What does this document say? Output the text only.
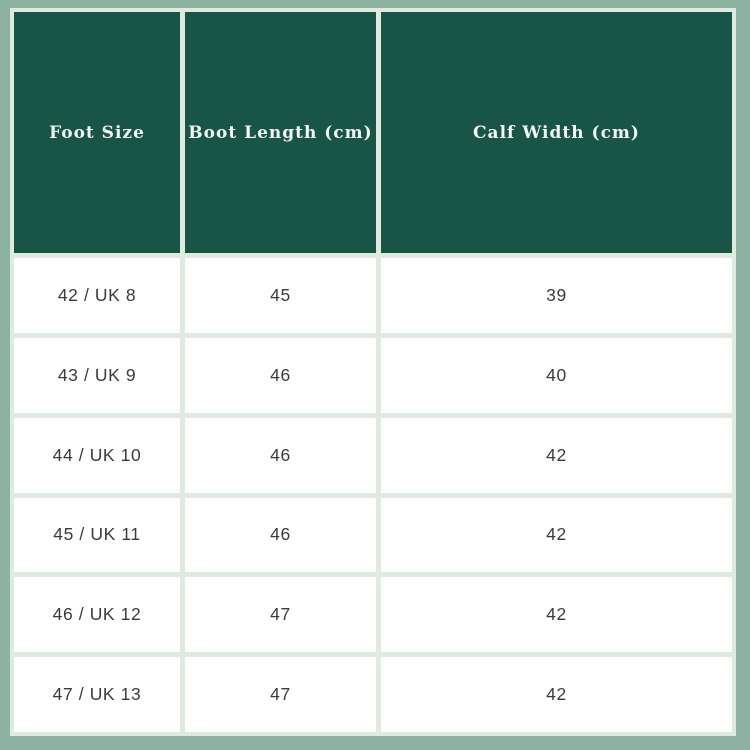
Foot Size	Boot Length (cm)	Calf Width (cm)
42 / UK 8	45	39
43 / UK 9	46	40
44 / UK 10	46	42
45 / UK 11	46	42
46 / UK 12	47	42
47 / UK 13	47	42
